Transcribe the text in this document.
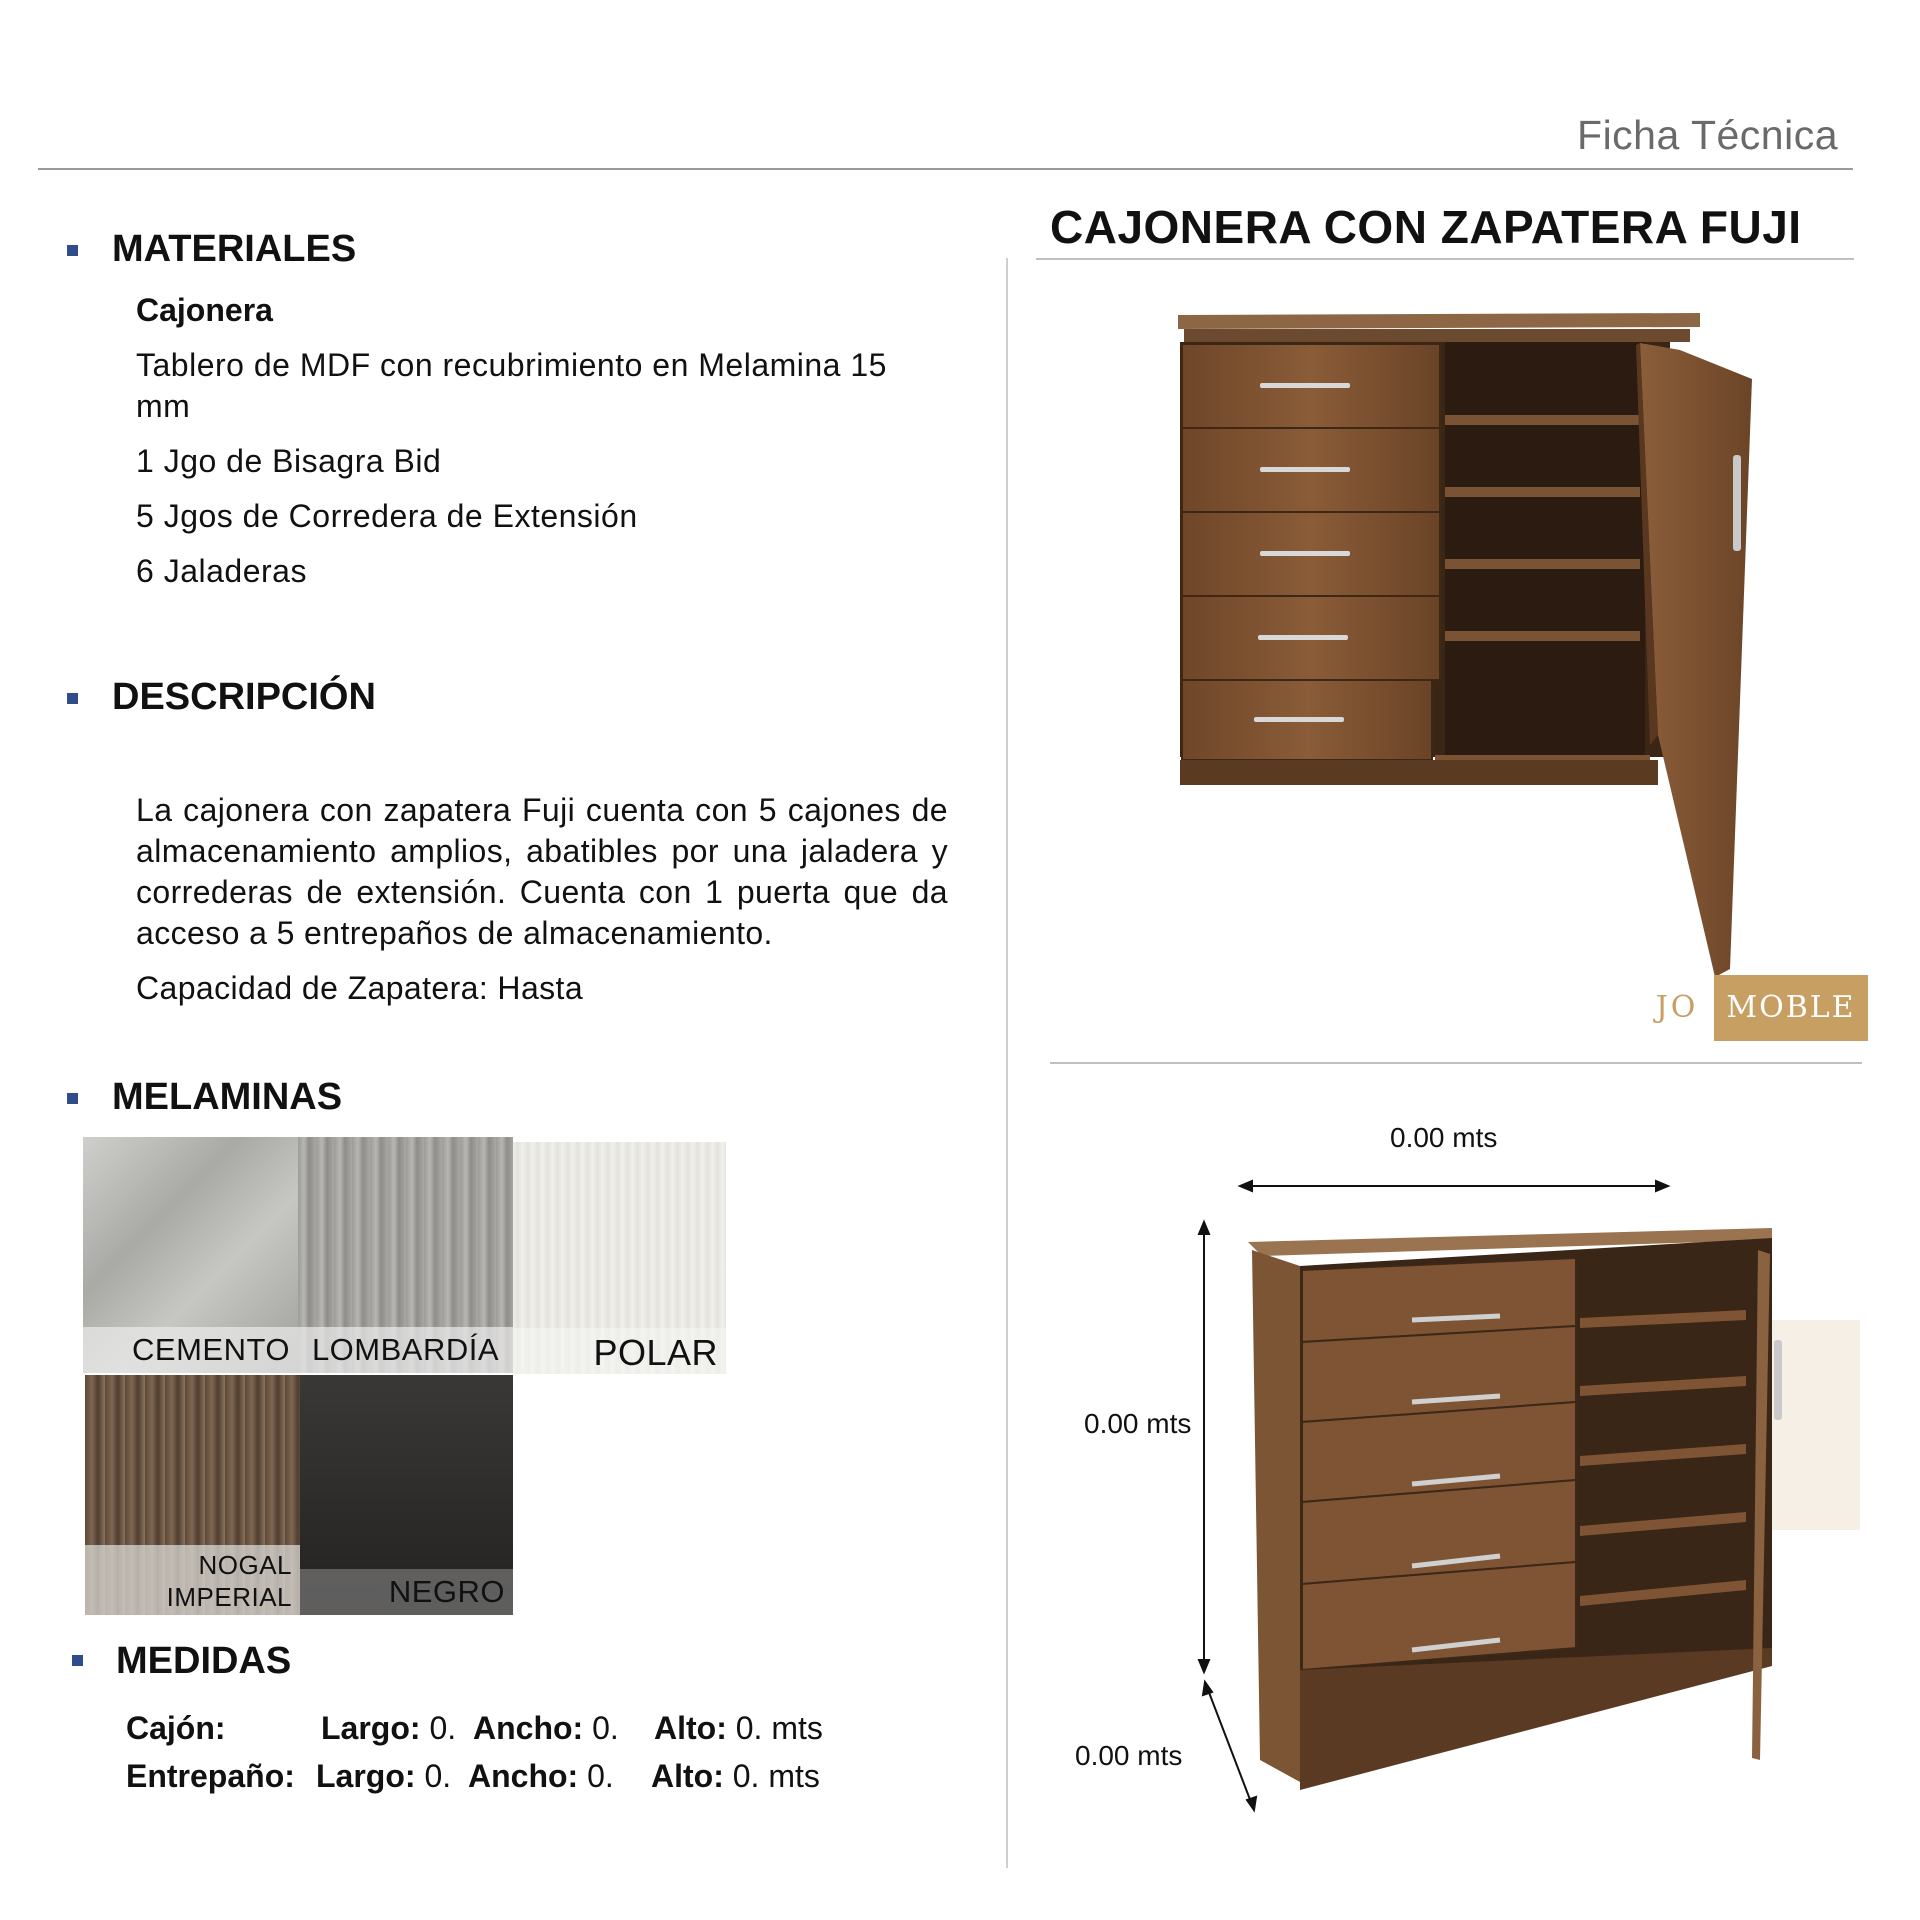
Ficha Técnica
MATERIALES
Cajonera
Tablero de MDF con recubrimiento en Melamina 15 mm
1 Jgo de Bisagra Bid
5 Jgos de Corredera de Extensión
6 Jaladeras
DESCRIPCIÓN
La cajonera con zapatera Fuji cuenta con 5 cajones de almacenamiento amplios, abatibles por una jaladera y correderas de extensión. Cuenta con 1 puerta que da acceso a 5 entrepaños de almacenamiento.
Capacidad de Zapatera: Hasta
MELAMINAS
CEMENTO LOMBARDÍA	POLAR
NOGAL
IMPERIAL	NEGRO
MEDIDAS
Cajón:	Largo: 0. Ancho: 0. Alto: 0. mts
Entrepaño: Largo: 0. Ancho: 0. Alto: 0. mts
CAJONERA CON ZAPATERA FUJI
JO MOBLE
0.00 mts
0.00 mts
0.00 mts
